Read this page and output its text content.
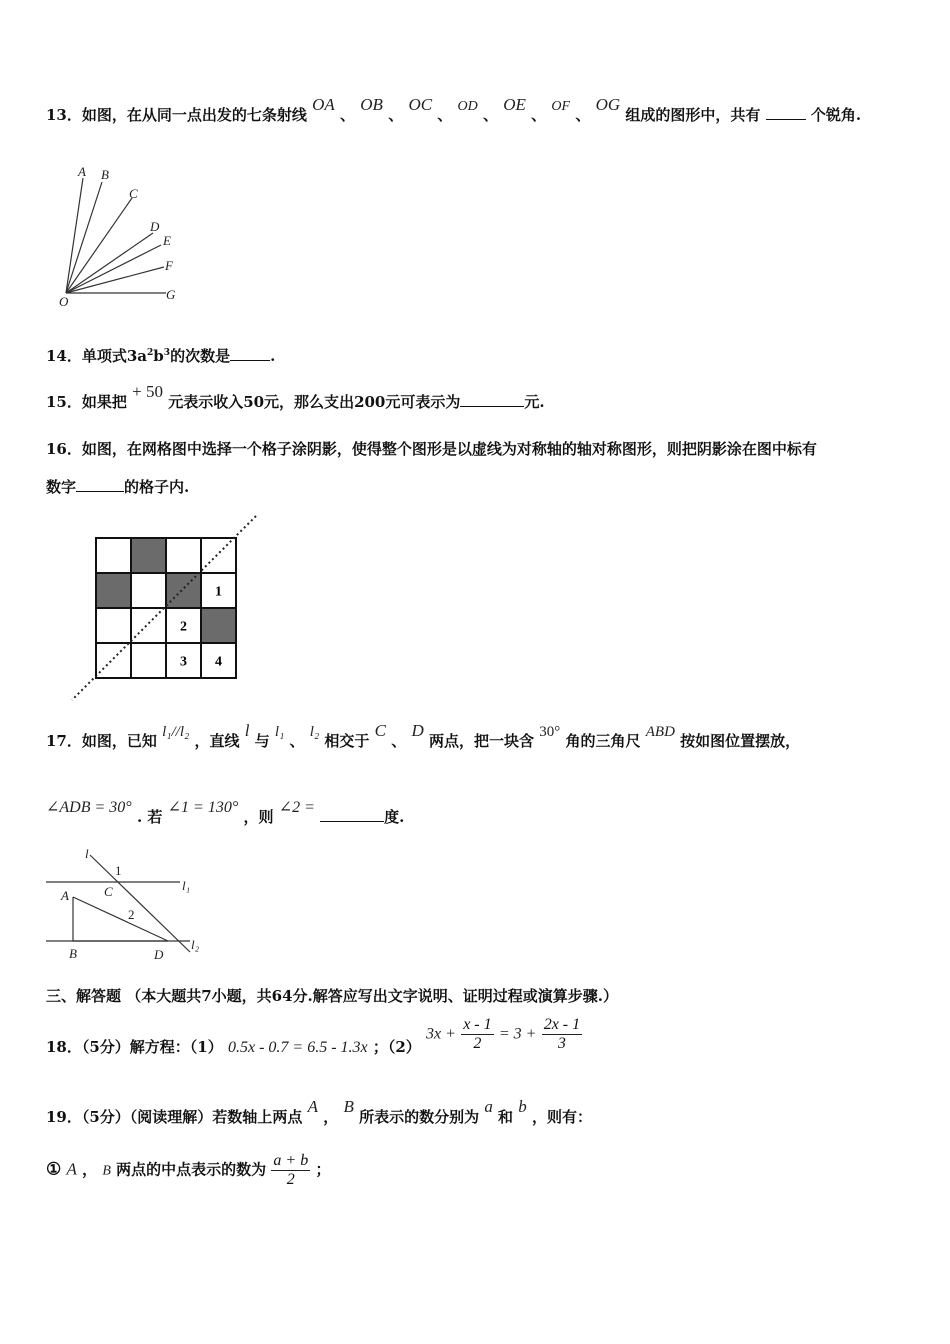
13．如图，在从同一点出发的七条射线 OA 、 OB 、 OC 、 OD 、 OE 、 OF 、 OG 组成的图形中，共有	个锐角.
A B
C
D
E
F
G
O
14．单项式$3a^2b^3$的次数是	.
15．如果把 + 50 元表示收入50元，那么支出200元可表示为	元.
16．如图，在网格图中选择一个格子涂阴影，使得整个图形是以虚线为对称轴的轴对称图形，则把阴影涂在图中标有
数字	的格子内.
1
2
3 4
17．如图，已知 l₁//l₂ ，直线 l 与 l₁ 、 l₂ 相交于 C 、 D 两点，把一块含 30° 角的三角尺 ABD 按如图位置摆放，
∠ADB = 30° . 若 ∠1 = 130° ，则 ∠2 = 度.
l
1
l₁
A	C
2
B	D
l₂
三、解答题 （本大题共7小题，共64分.解答应写出文字说明、证明过程或演算步骤.）
18．（5分）解方程：（1） 0.5x - 0.7 = 6.5 - 1.3x ；（2） $3x + \frac{x - 1}{2} = 3 + \frac{2x - 1}{3}$
19．（5分）（阅读理解）若数轴上两点 A ， B 所表示的数分别为 a 和 b ，则有：
① A ， B 两点的中点表示的数为 $\frac{a + b}{2}$ ；
